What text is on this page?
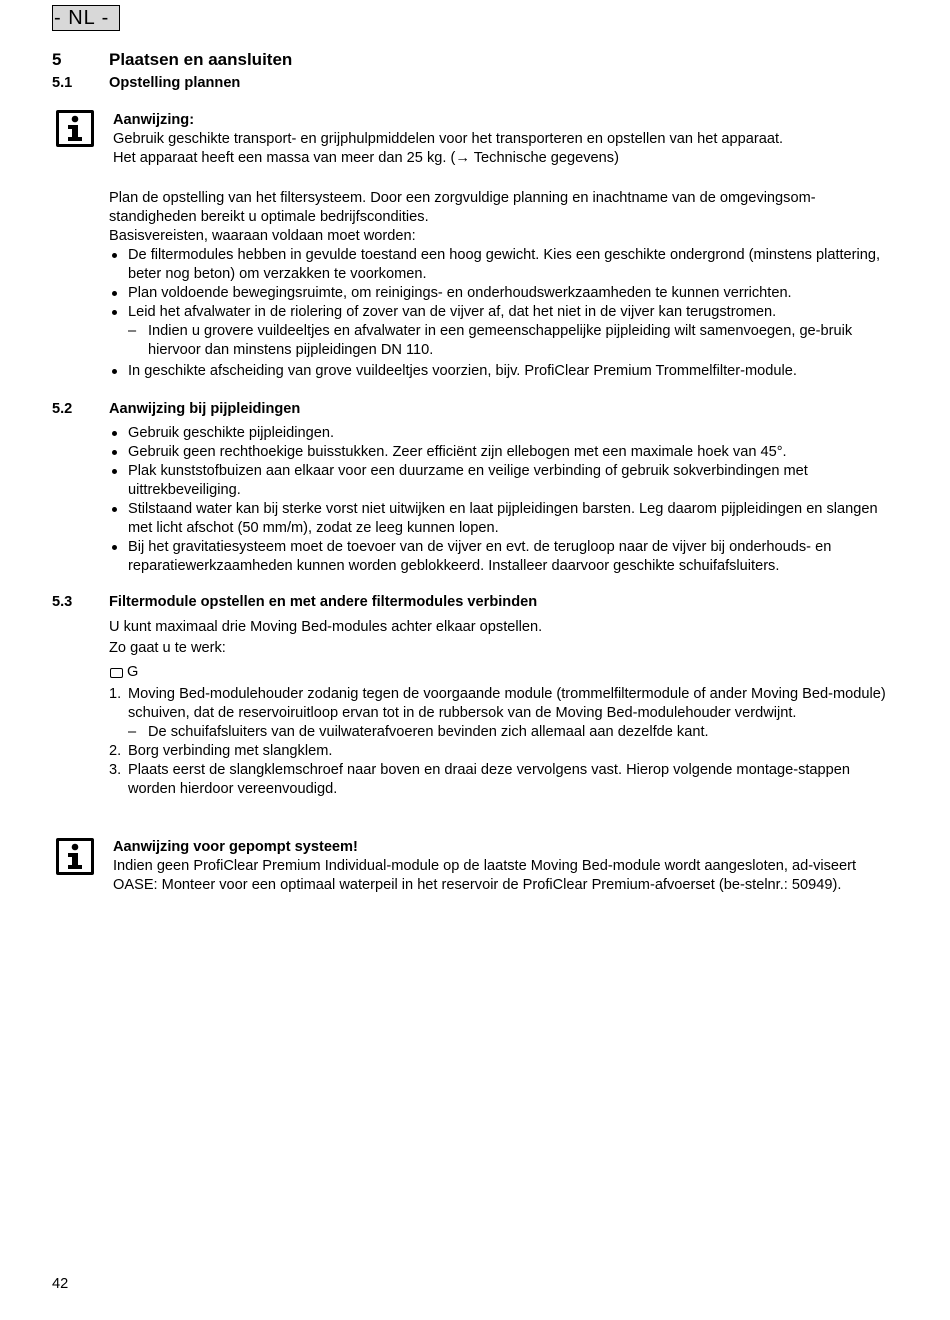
- NL -
5	Plaatsen en aansluiten
5.1	Opstelling plannen
Aanwijzing:
Gebruik geschikte transport- en grijphulpmiddelen voor het transporteren en opstellen van het apparaat.
Het apparaat heeft een massa van meer dan 25 kg. (→ Technische gegevens)

Plan de opstelling van het filtersysteem. Door een zorgvuldige planning en inachtname van de omgevingsom-standigheden bereikt u optimale bedrijfscondities.

Basisvereisten, waaraan voldaan moet worden:

De filtermodules hebben in gevulde toestand een hoog gewicht. Kies een geschikte ondergrond (minstens plattering, beter nog beton) om verzakken te voorkomen.
Plan voldoende bewegingsruimte, om reinigings- en onderhoudswerkzaamheden te kunnen verrichten.
Leid het afvalwater in de riolering of zover van de vijver af, dat het niet in de vijver kan terugstromen.
– Indien u grovere vuildeeltjes en afvalwater in een gemeenschappelijke pijpleiding wilt samenvoegen, ge-bruik hiervoor dan minstens pijpleidingen DN 110.
In geschikte afscheiding van grove vuildeeltjes voorzien, bijv. ProfiClear Premium Trommelfilter-module.
5.2	Aanwijzing bij pijpleidingen
Gebruik geschikte pijpleidingen.
Gebruik geen rechthoekige buisstukken. Zeer efficiënt zijn ellebogen met een maximale hoek van 45°.
Plak kunststofbuizen aan elkaar voor een duurzame en veilige verbinding of gebruik sokverbindingen met uittrekbeveiliging.
Stilstaand water kan bij sterke vorst niet uitwijken en laat pijpleidingen barsten. Leg daarom pijpleidingen en slangen met licht afschot (50 mm/m), zodat ze leeg kunnen lopen.
Bij het gravitatiesysteem moet de toevoer van de vijver en evt. de terugloop naar de vijver bij onderhouds- en reparatiewerkzaamheden kunnen worden geblokkeerd. Installeer daarvoor geschikte schuifafsluiters.
5.3	Filtermodule opstellen en met andere filtermodules verbinden

U kunt maximaal drie Moving Bed-modules achter elkaar opstellen.

Zo gaat u te werk:

G
1. Moving Bed-modulehouder zodanig tegen de voorgaande module (trommelfiltermodule of ander Moving Bed-module) schuiven, dat de reservoiruitloop ervan tot in de rubbersok van de Moving Bed-modulehouder verdwijnt.
– De schuifafsluiters van de vuilwaterafvoeren bevinden zich allemaal aan dezelfde kant.
2. Borg verbinding met slangklem.
3. Plaats eerst de slangklemschroef naar boven en draai deze vervolgens vast. Hierop volgende montage-stappen worden hierdoor vereenvoudigd.
Aanwijzing voor gepompt systeem!
Indien geen ProfiClear Premium Individual-module op de laatste Moving Bed-module wordt aangesloten, ad-viseert OASE: Monteer voor een optimaal waterpeil in het reservoir de ProfiClear Premium-afvoerset (be-stelnr.: 50949).
42
